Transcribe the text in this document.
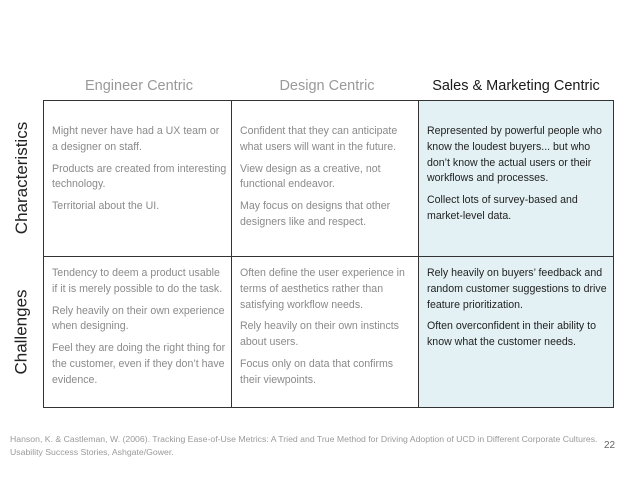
Engineer Centric	Design Centric	Sales & Marketing Centric
Characteristics
Challenges

Might never have had a UX team or a designer on staff.

Products are created from interesting technology.

Territorial about the UI.

Confident that they can anticipate what users will want in the future.

View design as a creative, not functional endeavor.

May focus on designs that other designers like and respect.

Represented by powerful people who know the loudest buyers... but who don’t know the actual users or their workflows and processes.

Collect lots of survey-based and market-level data.

Tendency to deem a product usable if it is merely possible to do the task.

Rely heavily on their own experience when designing.

Feel they are doing the right thing for the customer, even if they don’t have evidence.

Often define the user experience in terms of aesthetics rather than satisfying workflow needs.

Rely heavily on their own instincts about users.

Focus only on data that confirms their viewpoints.

Rely heavily on buyers’ feedback and random customer suggestions to drive feature prioritization.

Often overconfident in their ability to know what the customer needs.

Hanson, K. & Castleman, W. (2006). Tracking Ease-of-Use Metrics: A Tried and True Method for Driving Adoption of UCD in Different Corporate Cultures. Usability Success Stories, Ashgate/Gower.
22
